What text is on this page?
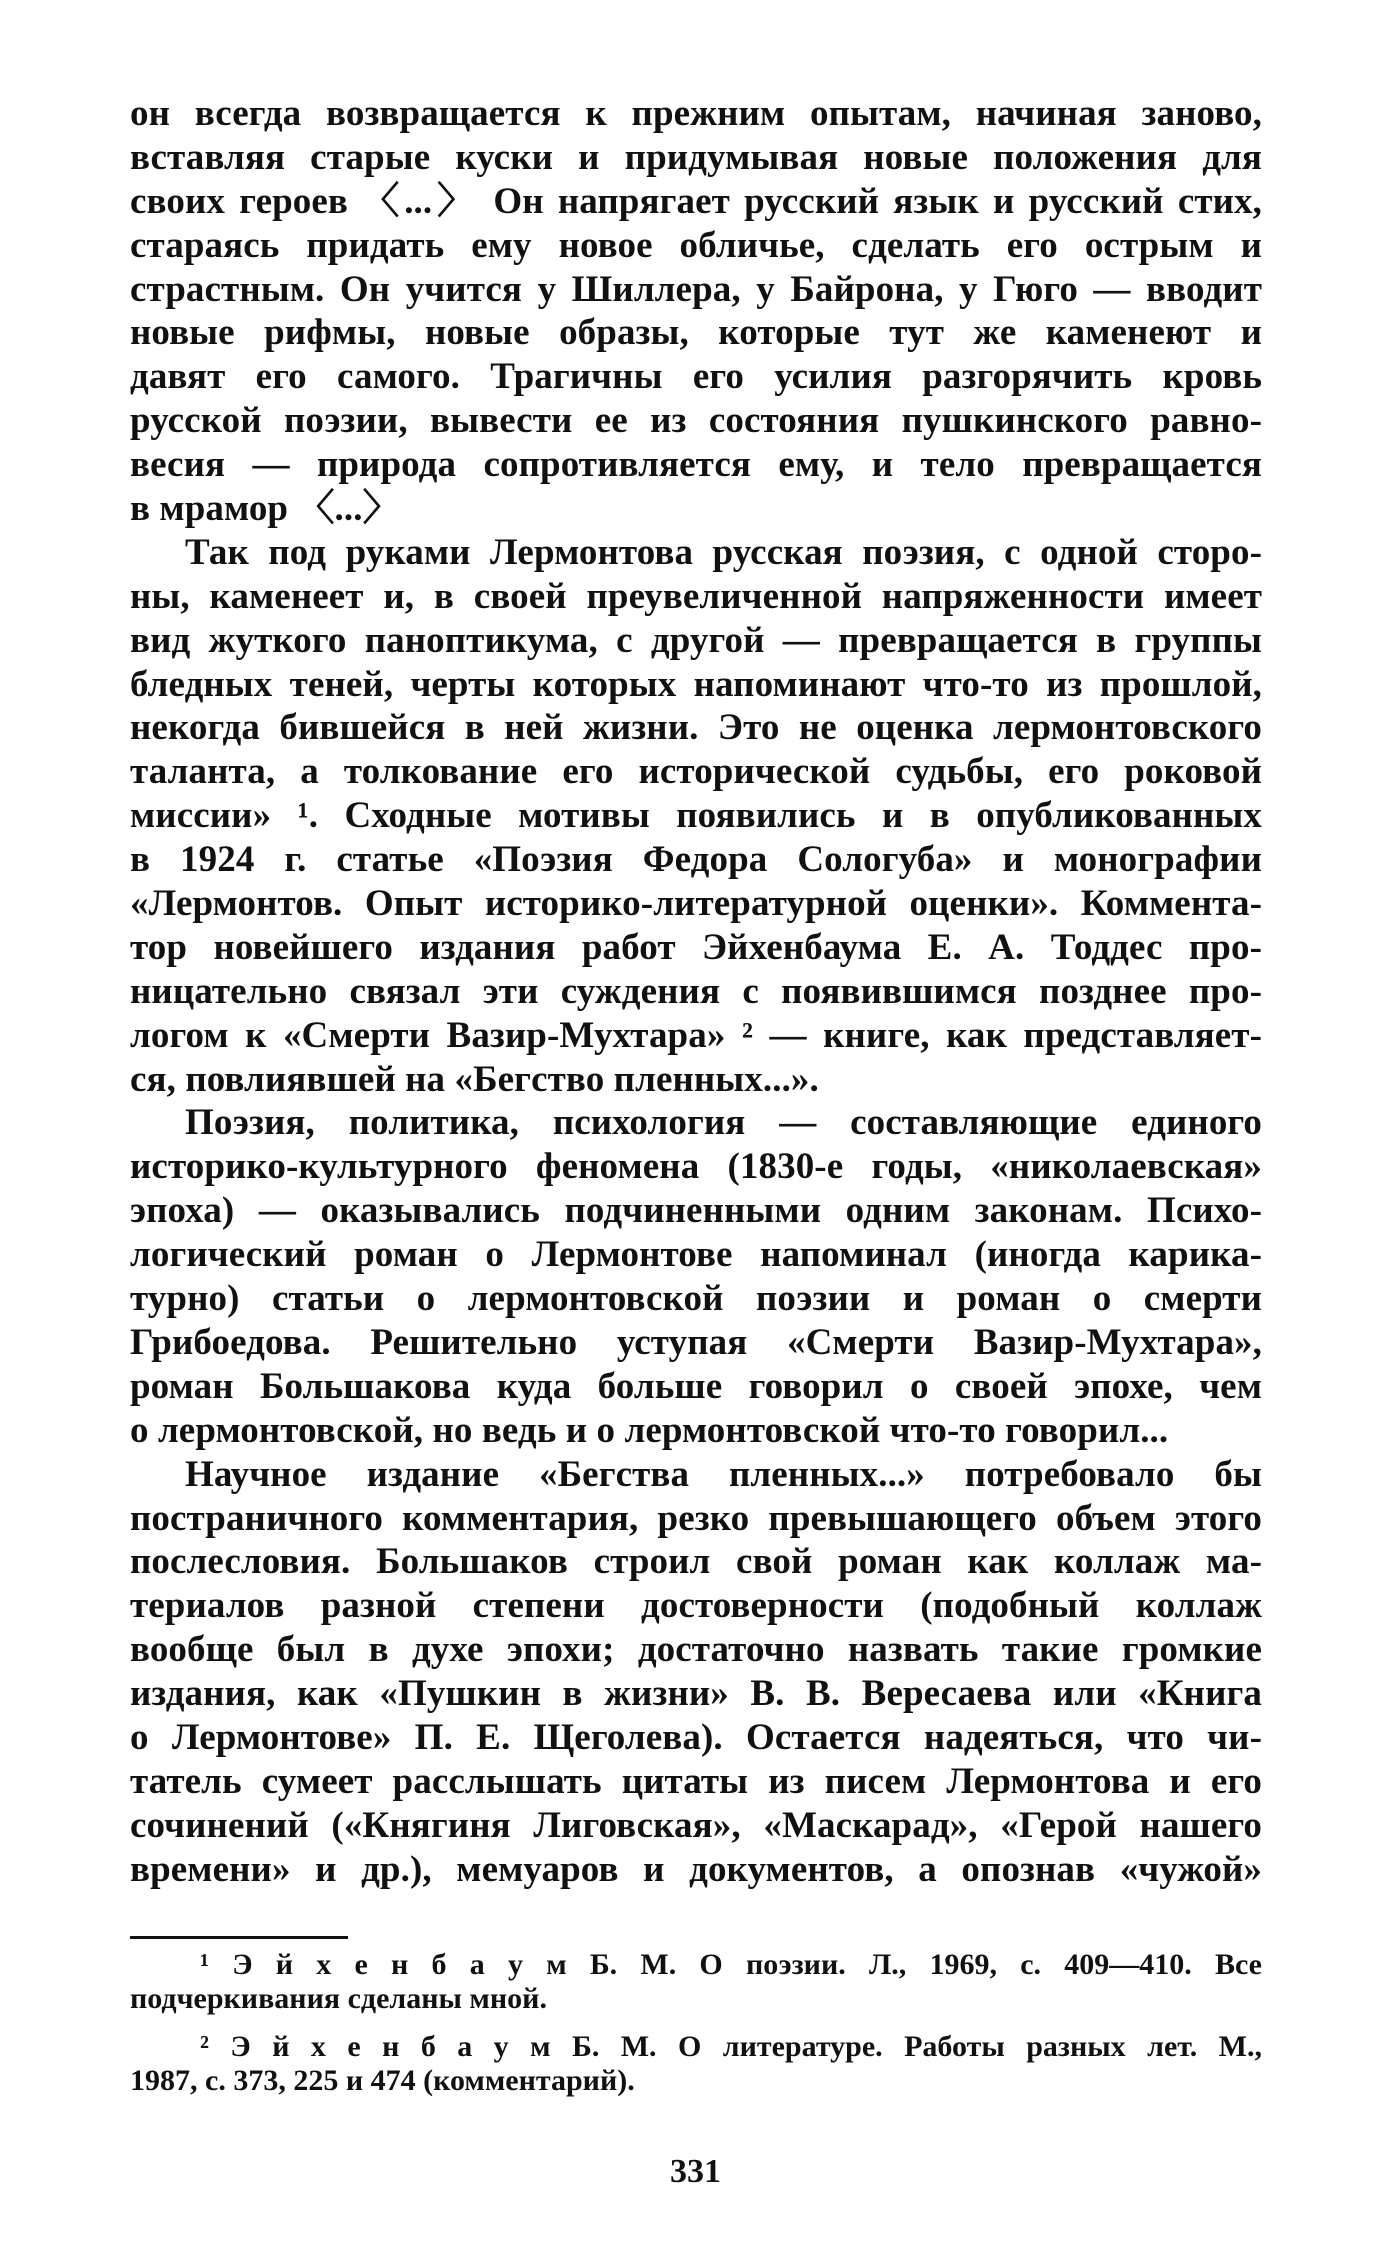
он всегда возвращается к прежним опытам, начиная заново,
вставляя старые куски и придумывая новые положения для
своих героев 〈...〉 Он напрягает русский язык и русский стих,
стараясь придать ему новое обличье, сделать его острым и
страстным. Он учится у Шиллера, у Байрона, у Гюго — вводит
новые рифмы, новые образы, которые тут же каменеют и
давят его самого. Трагичны его усилия разгорячить кровь
русской поэзии, вывести ее из состояния пушкинского равно-
весия — природа сопротивляется ему, и тело превращается
в мрамор 〈...〉
Так под руками Лермонтова русская поэзия, с одной сторо-
ны, каменеет и, в своей преувеличенной напряженности имеет
вид жуткого паноптикума, с другой — превращается в группы
бледных теней, черты которых напоминают что-то из прошлой,
некогда бившейся в ней жизни. Это не оценка лермонтовского
таланта, а толкование его исторической судьбы, его роковой
миссии» ¹. Сходные мотивы появились и в опубликованных
в 1924 г. статье «Поэзия Федора Сологуба» и монографии
«Лермонтов. Опыт историко-литературной оценки». Коммента-
тор новейшего издания работ Эйхенбаума Е. А. Тоддес про-
ницательно связал эти суждения с появившимся позднее про-
логом к «Смерти Вазир-Мухтара» ² — книге, как представляет-
ся, повлиявшей на «Бегство пленных...».
Поэзия, политика, психология — составляющие единого
историко-культурного феномена (1830-е годы, «николаевская»
эпоха) — оказывались подчиненными одним законам. Психо-
логический роман о Лермонтове напоминал (иногда карика-
турно) статьи о лермонтовской поэзии и роман о смерти
Грибоедова. Решительно уступая «Смерти Вазир-Мухтара»,
роман Большакова куда больше говорил о своей эпохе, чем
о лермонтовской, но ведь и о лермонтовской что-то говорил...
Научное издание «Бегства пленных...» потребовало бы
постраничного комментария, резко превышающего объем этого
послесловия. Большаков строил свой роман как коллаж ма-
териалов разной степени достоверности (подобный коллаж
вообще был в духе эпохи; достаточно назвать такие громкие
издания, как «Пушкин в жизни» В. В. Вересаева или «Книга
о Лермонтове» П. Е. Щеголева). Остается надеяться, что чи-
татель сумеет расслышать цитаты из писем Лермонтова и его
сочинений («Княгиня Лиговская», «Маскарад», «Герой нашего
времени» и др.), мемуаров и документов, а опознав «чужой»
¹ Э й х е н б а у м Б. М. О поэзии. Л., 1969, с. 409—410. Все
подчеркивания сделаны мной.
² Э й х е н б а у м Б. М. О литературе. Работы разных лет. М.,
1987, с. 373, 225 и 474 (комментарий).
331
